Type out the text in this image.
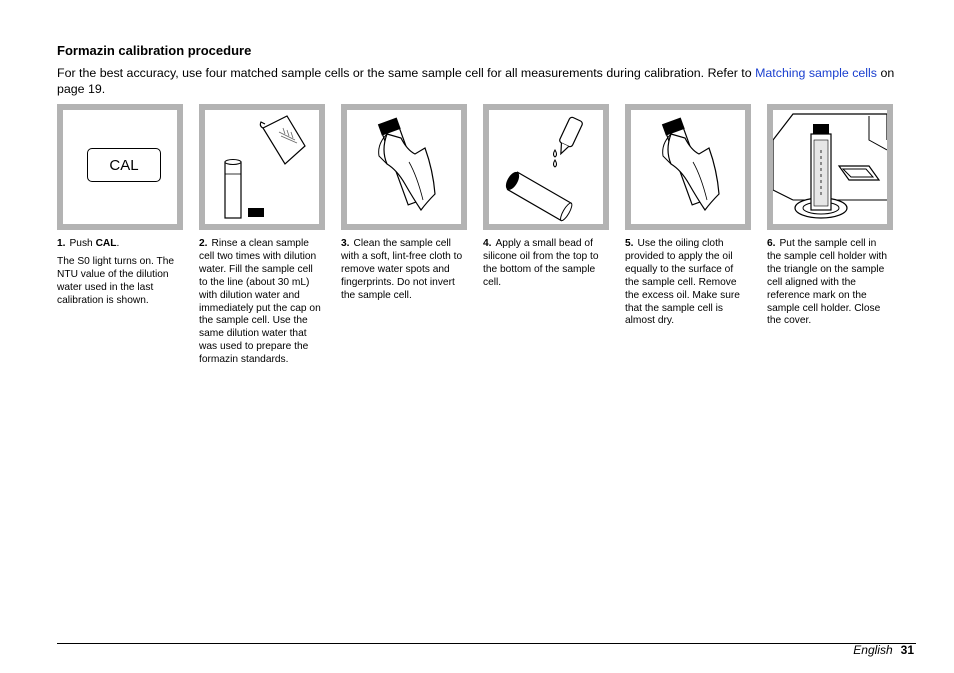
Formazin calibration procedure
For the best accuracy, use four matched sample cells or the same sample cell for all measurements during calibration. Refer to Matching sample cells on page 19.
CAL

1. Push CAL.

The S0 light turns on. The NTU value of the dilution water used in the last calibration is shown.

2. Rinse a clean sample cell two times with dilution water. Fill the sample cell to the line (about 30 mL) with dilution water and immediately put the cap on the sample cell. Use the same dilution water that was used to prepare the formazin standards.

3. Clean the sample cell with a soft, lint-free cloth to remove water spots and fingerprints. Do not invert the sample cell.

4. Apply a small bead of silicone oil from the top to the bottom of the sample cell.

5. Use the oiling cloth provided to apply the oil equally to the surface of the sample cell. Remove the excess oil. Make sure that the sample cell is almost dry.

6. Put the sample cell in the sample cell holder with the triangle on the sample cell aligned with the reference mark on the sample cell holder. Close the cover.

English 31
